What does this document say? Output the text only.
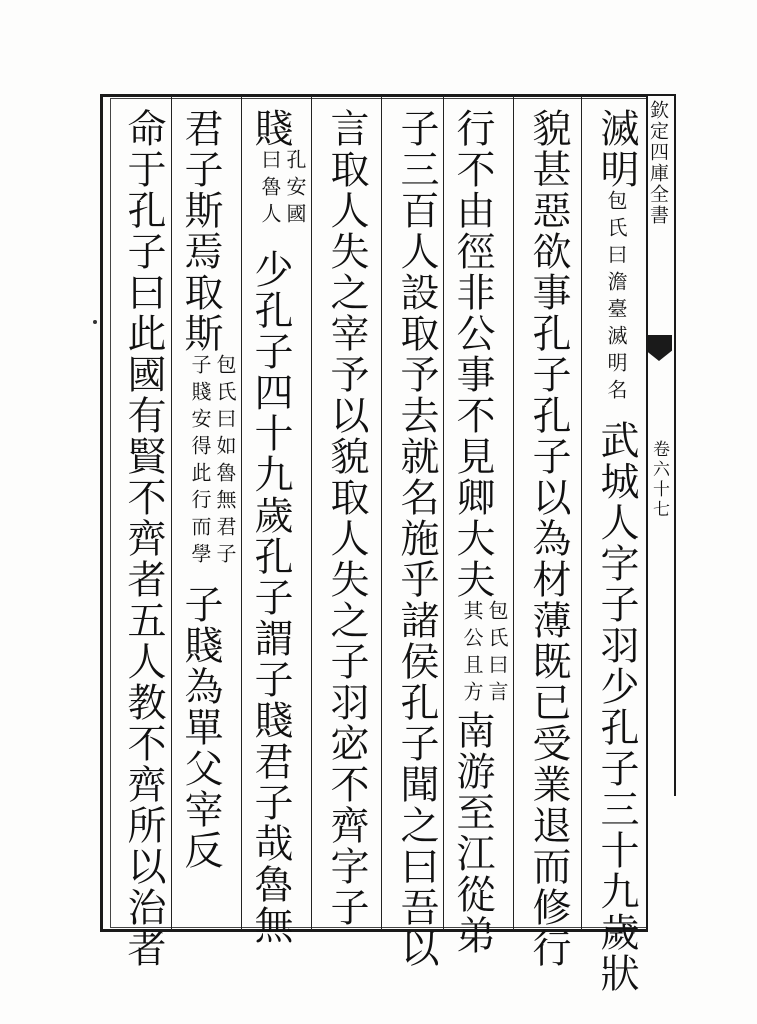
欽定四庫全書
卷六十七
滅明包氏曰澹臺滅明名武城人字子羽少孔子三十九歲狀
貌甚惡欲事孔子孔子以為材薄既已受業退而修行
行不由徑非公事不見卿大夫包氏曰言其公且方南游至江從弟
子三百人設取予去就名施乎諸侯孔子聞之曰吾以
言取人失之宰予以貌取人失之子羽宓不齊字子
賤孔安國曰魯人少孔子四十九歲孔子謂子賤君子哉魯無
君子斯焉取斯包氏曰如魯無君子子賤安得此行而學子賤為單父宰反
命于孔子曰此國有賢不齊者五人教不齊所以治者
